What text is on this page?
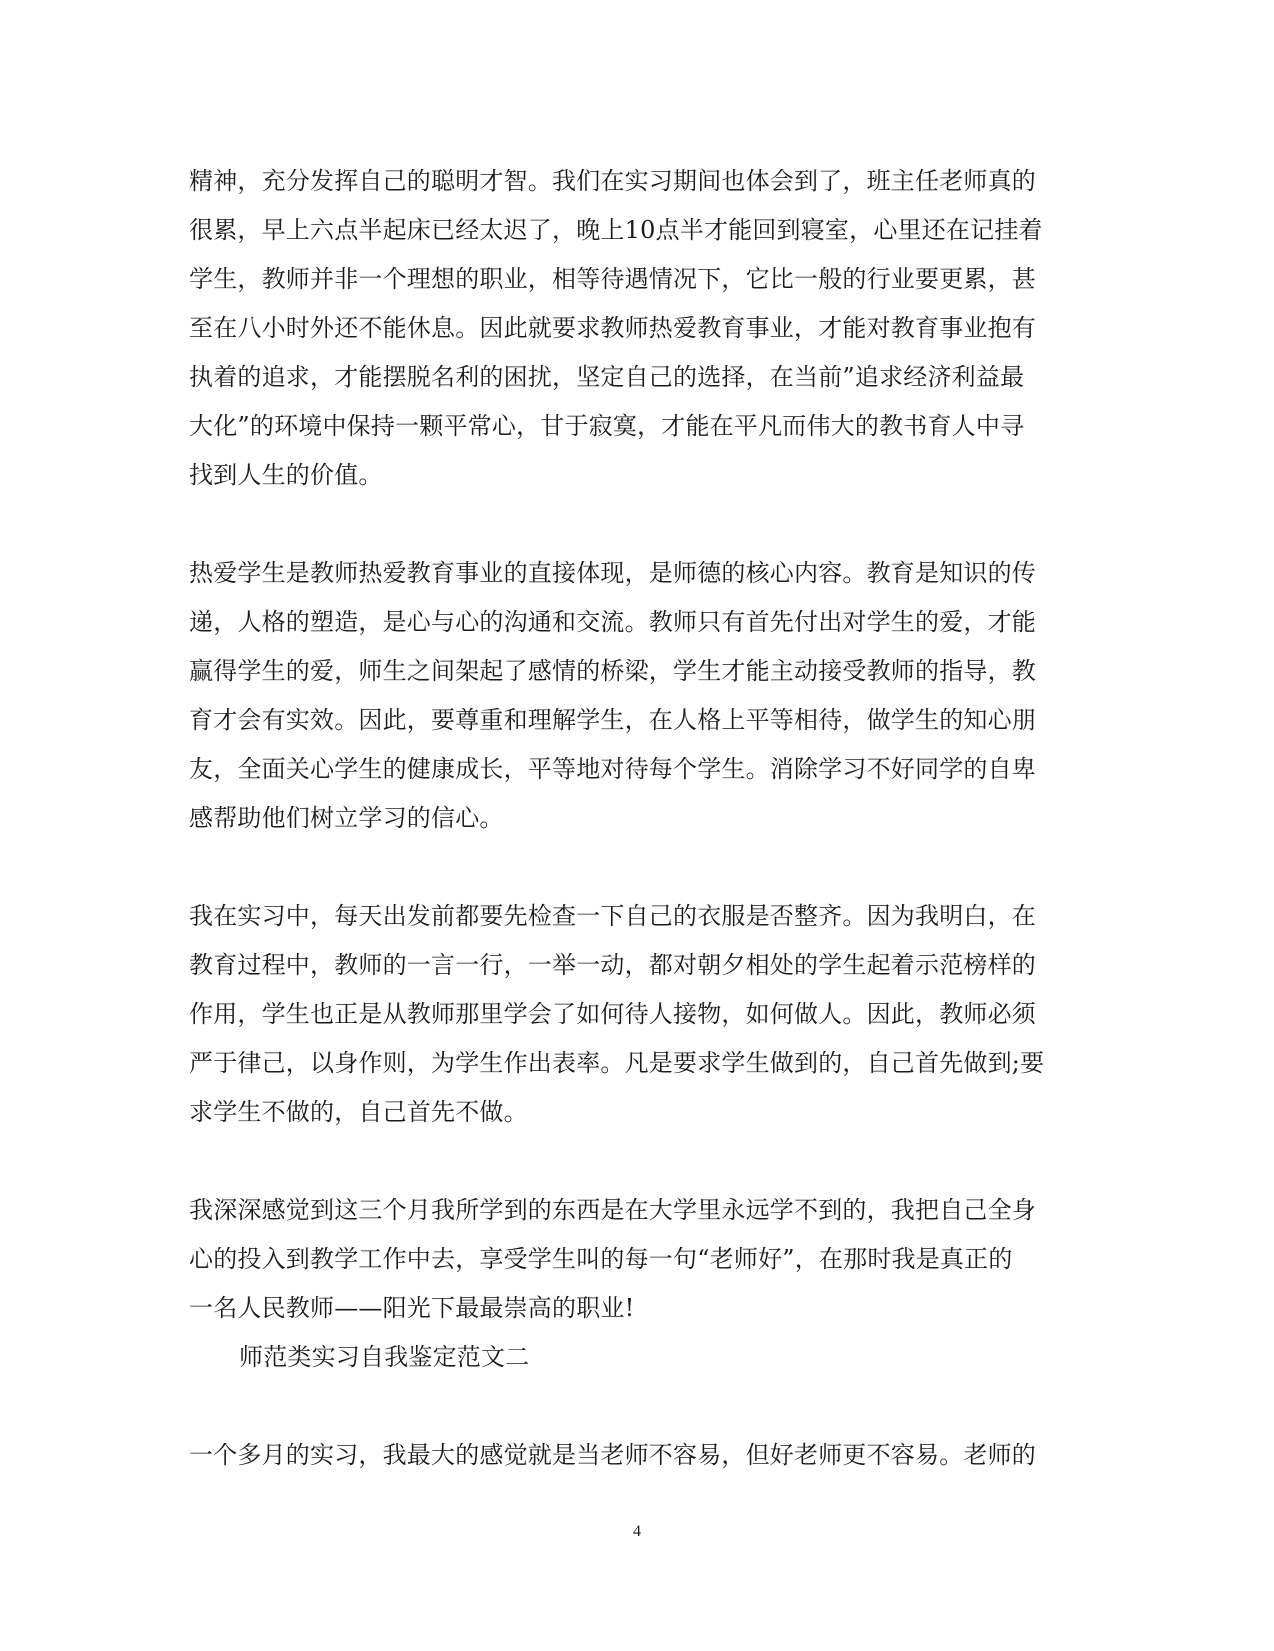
精神，充分发挥自己的聪明才智。我们在实习期间也体会到了，班主任老师真的
很累，早上六点半起床已经太迟了，晚上10点半才能回到寝室，心里还在记挂着
学生，教师并非一个理想的职业，相等待遇情况下，它比一般的行业要更累，甚
至在八小时外还不能休息。因此就要求教师热爱教育事业，才能对教育事业抱有
执着的追求，才能摆脱名利的困扰，坚定自己的选择，在当前”追求经济利益最
大化”的环境中保持一颗平常心，甘于寂寞，才能在平凡而伟大的教书育人中寻
找到人生的价值。
热爱学生是教师热爱教育事业的直接体现，是师德的核心内容。教育是知识的传
递，人格的塑造，是心与心的沟通和交流。教师只有首先付出对学生的爱，才能
赢得学生的爱，师生之间架起了感情的桥梁，学生才能主动接受教师的指导，教
育才会有实效。因此，要尊重和理解学生，在人格上平等相待，做学生的知心朋
友，全面关心学生的健康成长，平等地对待每个学生。消除学习不好同学的自卑
感帮助他们树立学习的信心。
我在实习中，每天出发前都要先检查一下自己的衣服是否整齐。因为我明白，在
教育过程中，教师的一言一行，一举一动，都对朝夕相处的学生起着示范榜样的
作用，学生也正是从教师那里学会了如何待人接物，如何做人。因此，教师必须
严于律己，以身作则，为学生作出表率。凡是要求学生做到的，自己首先做到;要
求学生不做的，自己首先不做。
我深深感觉到这三个月我所学到的东西是在大学里永远学不到的，我把自己全身
心的投入到教学工作中去，享受学生叫的每一句“老师好”，在那时我是真正的
一名人民教师——阳光下最最崇高的职业!
师范类实习自我鉴定范文二
一个多月的实习，我最大的感觉就是当老师不容易，但好老师更不容易。老师的
4
